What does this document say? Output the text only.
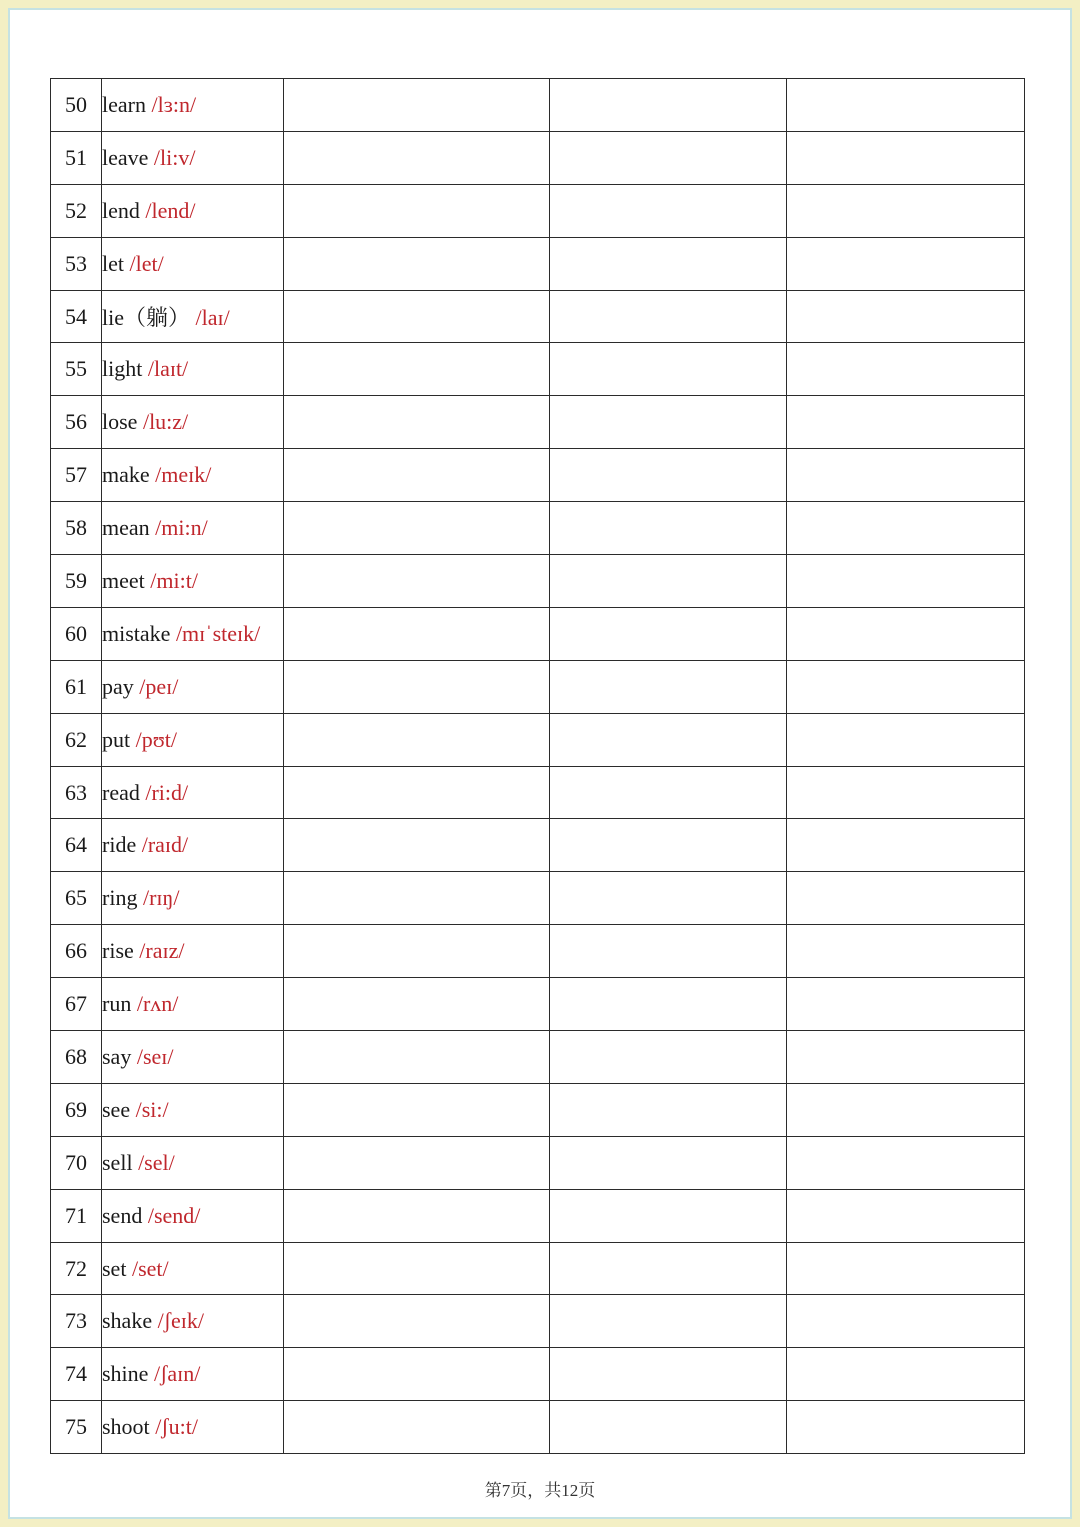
50	learn /lɜ:n/			
51	leave /li:v/			
52	lend /lend/			
53	let /let/			
54	lie（躺） /laɪ/			
55	light /laɪt/			
56	lose /lu:z/			
57	make /meɪk/			
58	mean /mi:n/			
59	meet /mi:t/			
60	mistake /mɪˈsteɪk/			
61	pay /peɪ/			
62	put /pʊt/			
63	read /ri:d/			
64	ride /raɪd/			
65	ring /rɪŋ/			
66	rise /raɪz/			
67	run /rʌn/			
68	say /seɪ/			
69	see /si:/			
70	sell /sel/			
71	send /send/			
72	set /set/			
73	shake /ʃeɪk/			
74	shine /ʃaɪn/			
75	shoot /ʃu:t/			
第7页，共12页
